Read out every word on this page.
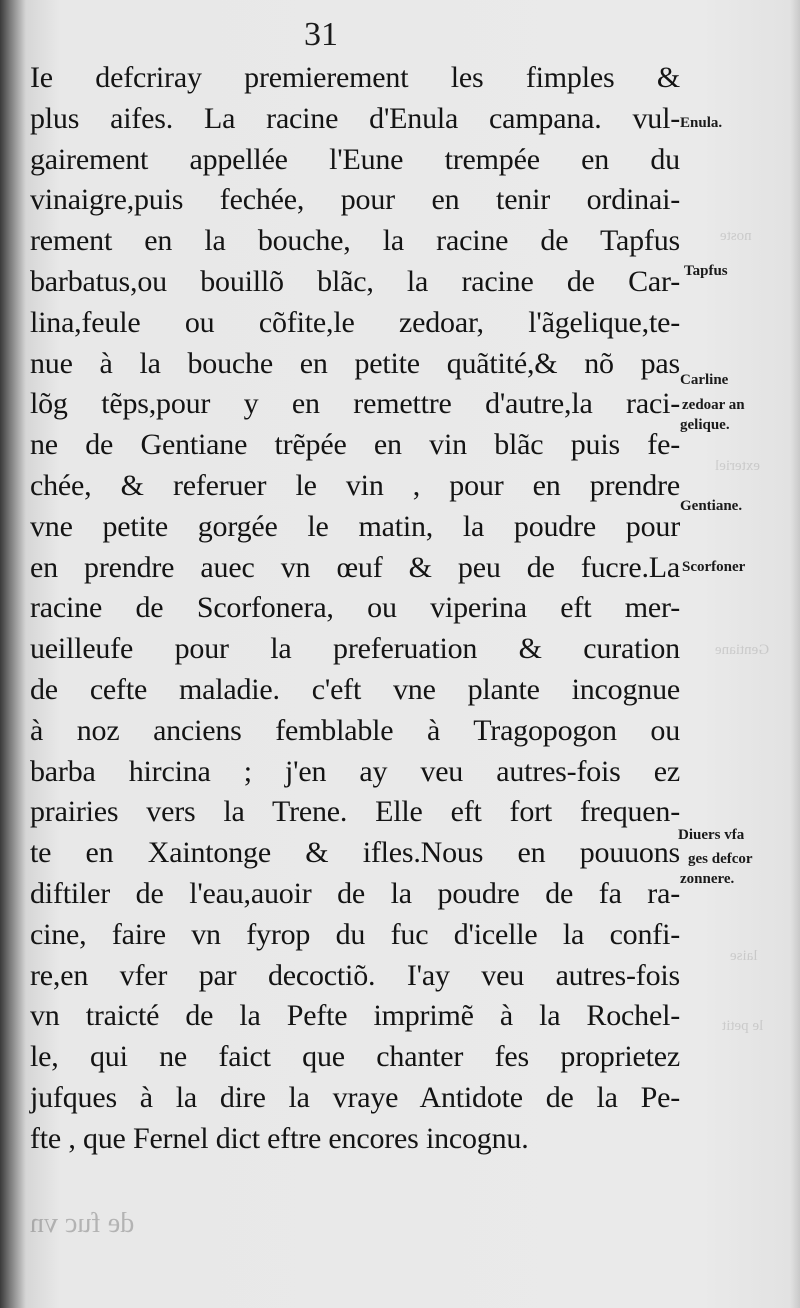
noste
exteriel
Gentiane
laise
le petit
de fuc vn
31
Ie defcriray premierement les fimples &
plus aifes. La racine d'Enula campana. vul-
gairement appellée l'Eune trempée en du
vinaigre,puis fechée, pour en tenir ordinai-
rement en la bouche, la racine de Tapfus
barbatus,ou bouillõ blãc, la racine de Car-
lina,feule ou cõfite,le zedoar, l'ãgelique,te-
nue à la bouche en petite quãtité,& nõ pas
lõg tẽps,pour y en remettre d'autre,la raci-
ne de Gentiane trẽpée en vin blãc puis fe-
chée, & referuer le vin , pour en prendre
vne petite gorgée le matin, la poudre pour
en prendre auec vn œuf & peu de fucre.La
racine de Scorfonera, ou viperina eft mer-
ueilleufe pour la preferuation & curation
de cefte maladie. c'eft vne plante incognue
à noz anciens femblable à Tragopogon ou
barba hircina ; j'en ay veu autres-fois ez
prairies vers la Trene. Elle eft fort frequen-
te en Xaintonge & ifles.Nous en pouuons
diftiler de l'eau,auoir de la poudre de fa ra-
cine, faire vn fyrop du fuc d'icelle la confi-
re,en vfer par decoctiõ. I'ay veu autres-fois
vn traicté de la Pefte imprimẽ à la Rochel-
le, qui ne faict que chanter fes proprietez
jufques à la dire la vraye Antidote de la Pe-
fte , que Fernel dict eftre encores incognu.
Enula.
Tapfus
Carline
zedoar an
gelique.
Gentiane.
Scorfoner
Diuers vfa
ges defcor
zonnere.
